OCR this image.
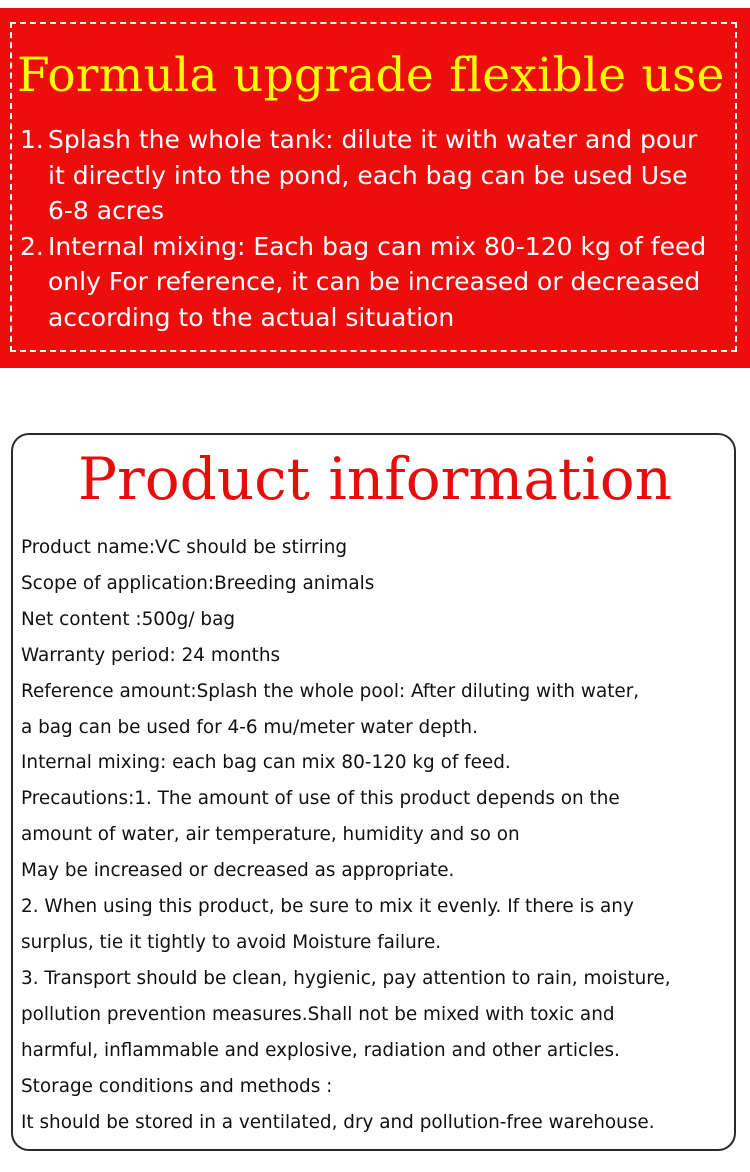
Formula upgrade flexible use
1. Splash the whole tank: dilute it with water and pour it directly into the pond, each bag can be used Use 6-8 acres
2. Internal mixing: Each bag can mix 80-120 kg of feed only For reference, it can be increased or decreased according to the actual situation
Product information
Product name:VC should be stirring
Scope of application:Breeding animals
Net content :500g/ bag
Warranty period: 24 months
Reference amount:Splash the whole pool: After diluting with water,
a bag can be used for 4-6 mu/meter water depth.
Internal mixing: each bag can mix 80-120 kg of feed.
Precautions:1. The amount of use of this product depends on the
amount of water, air temperature, humidity and so on
May be increased or decreased as appropriate.
2. When using this product, be sure to mix it evenly. If there is any
surplus, tie it tightly to avoid Moisture failure.
3. Transport should be clean, hygienic, pay attention to rain, moisture,
pollution prevention measures.Shall not be mixed with toxic and
harmful, inflammable and explosive, radiation and other articles.
Storage conditions and methods :
It should be stored in a ventilated, dry and pollution-free warehouse.
